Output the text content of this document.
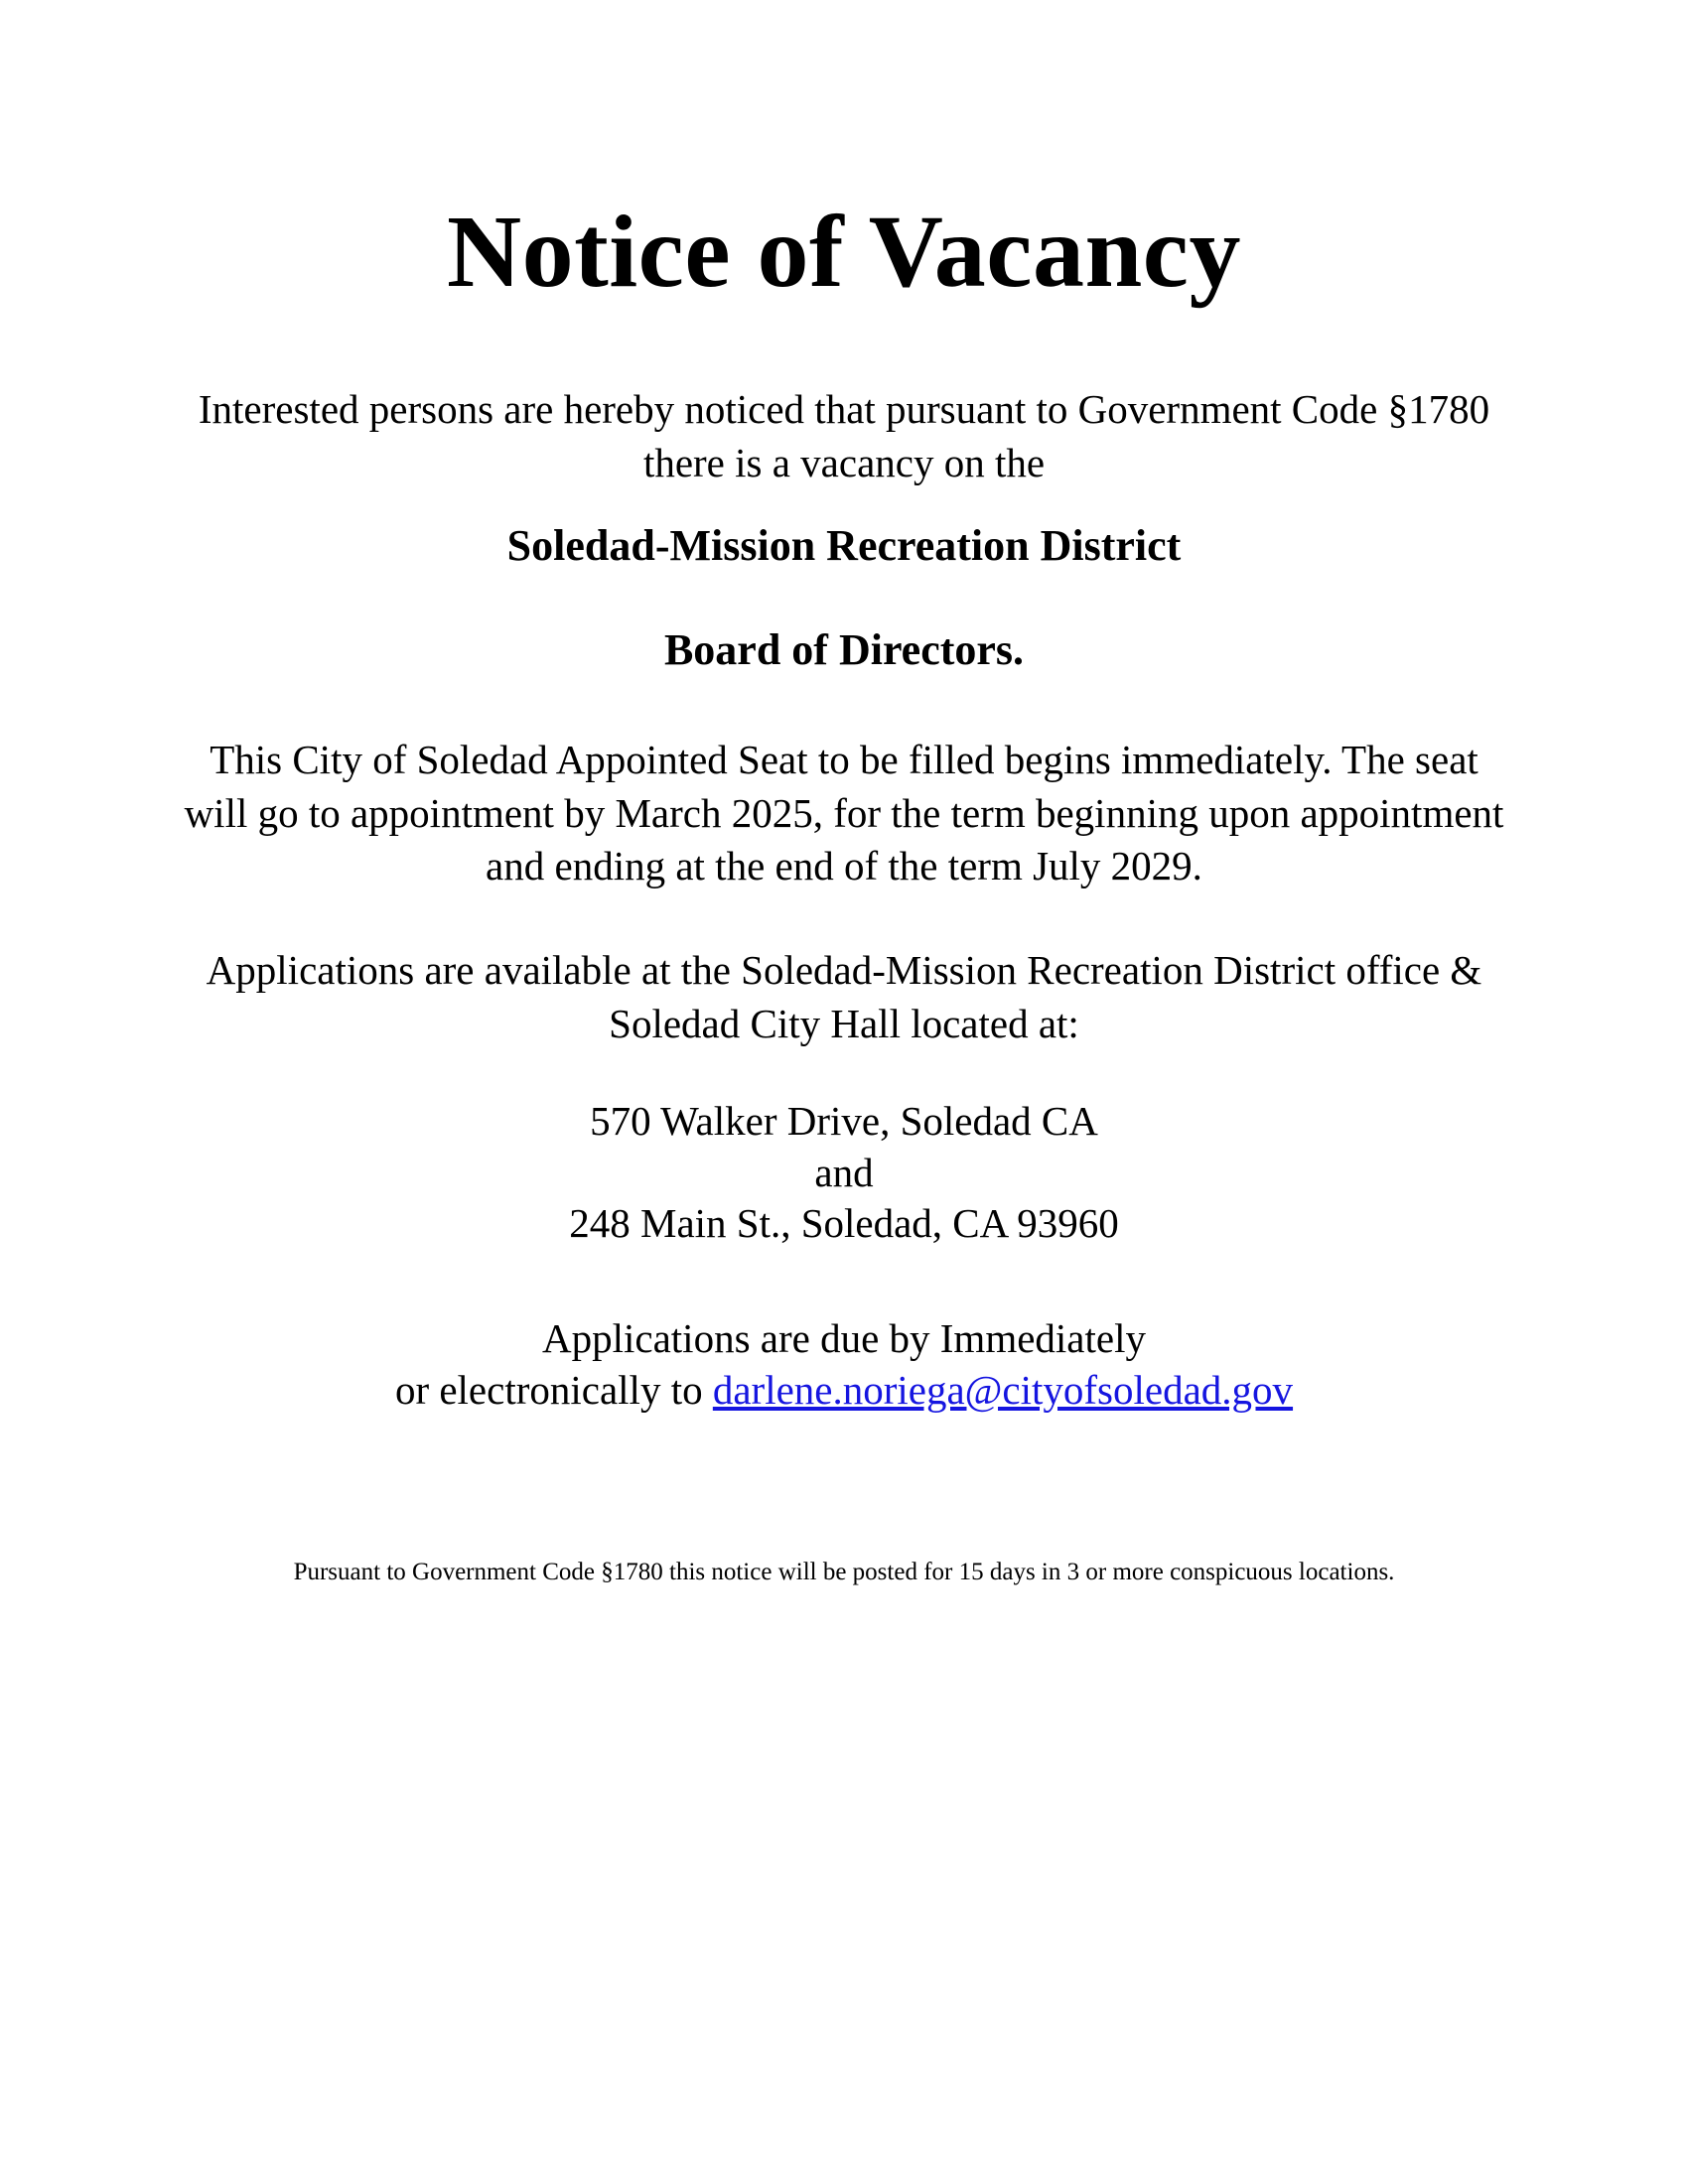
Notice of Vacancy

Interested persons are hereby noticed that pursuant to Government Code §1780
there is a vacancy on the

Soledad-Mission Recreation District

Board of Directors.

This City of Soledad Appointed Seat to be filled begins immediately. The seat
will go to appointment by March 2025, for the term beginning upon appointment
and ending at the end of the term July 2029.

Applications are available at the Soledad-Mission Recreation District office &
Soledad City Hall located at:

570 Walker Drive, Soledad CA
and
248 Main St., Soledad, CA 93960

Applications are due by Immediately
or electronically to darlene.noriega@cityofsoledad.gov

Pursuant to Government Code §1780 this notice will be posted for 15 days in 3 or more conspicuous locations.
